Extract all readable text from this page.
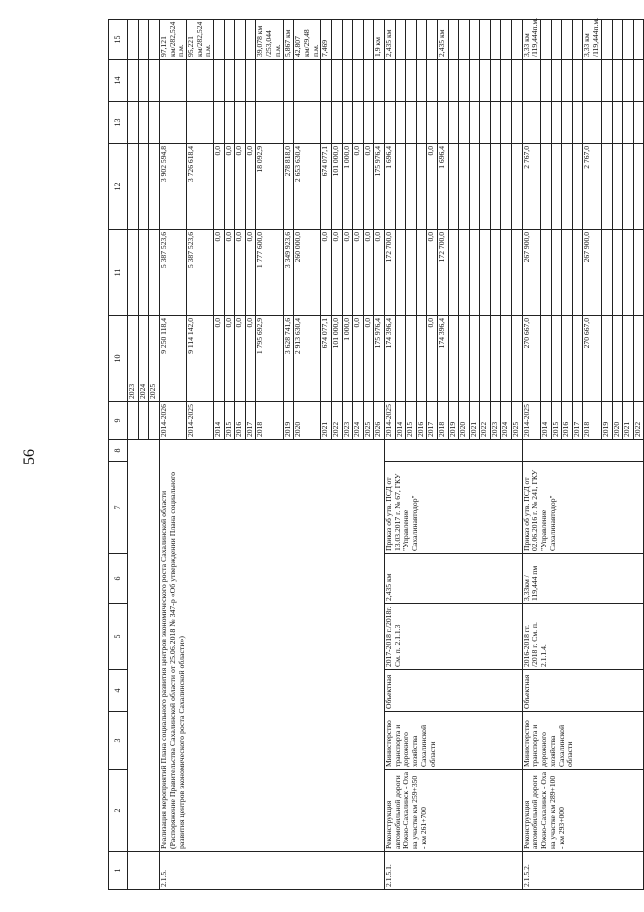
56
1	2	3	4	5	6	7	8	9	10	11	12	13	14	15	
									2023						
									2024						
									2025						
2.1.5.	Реализация мероприятий Плана социального развития центров экономического роста Сахалинской области (Распоряжение Правительства Сахалинской области от 25.06.2018 № 347-р «Об утверждении Плана социального развития центров экономического роста Сахалинской области»)							2014-2026	9 250 118,4	5 387 523,6	3 902 594,8			97,121 км/282,524 п.м.	
								2014-2025	9 114 142,0	5 387 523,6	3 726 618,4			95,221 км/282,524 п.м.	
								2014	0,0	0,0	0,0				
								2015	0,0	0,0	0,0				
								2016	0,0	0,0	0,0				
								2017	0,0	0,0	0,0				
								2018	1 795 692,9	1 777 600,0	18 092,9			39,078 км /253,044 п.м.	
								2019	3 628 741,6	3 349 923,6	278 818,0			5,867 км	
								2020	2 913 630,4	260 000,0	2 653 630,4			42,807 км/29,48 п.м.	
								2021	674 077,1	0,0	674 077,1			7,469	
								2022	101 000,0	0,0	101 000,0				
								2023	1 000,0	0,0	1 000,0				
								2024	0,0	0,0	0,0				
								2025	0,0	0,0	0,0				
								2026	175 976,4	0,0	175 976,4			1,9 км	
2.1.5.1.	Реконструкция автомобильной дороги Южно-Сахалинск - Оха на участке км 259+350 - км 261+700	Министерство транспорта и дорожного хозяйства Сахалинской области	Объектная	2017-2018 г./2018г. См. п. 2.1.1.3	2,435 км	Приказ об утв. ПСД от 13.03.2017 г. № 67, ГКУ "Управление Сахалинавтодор"		2014-2025	174 396,4	172 700,0	1 696,4			2,435 км	
								2014							
								2015							
								2016							
								2017	0,0	0,0	0,0				
								2018	174 396,4	172 700,0	1 696,4			2,435 км	
								2019							
								2020							
								2021							
								2022							
								2023							
								2024							
								2025							
2.1.5.2.	Реконструкция автомобильной дороги Южно-Сахалинск - Оха на участке км 289+100 - км 293+000	Министерство транспорта и дорожного хозяйства Сахалинской области	Объектная	2016-2018 гг. /2018 г. См. п. 2.1.1.4.	3,33км / 119,444 пм	Приказ об утв. ПСД от 02.06.2016 г. № 241, ГКУ "Управление Сахалинавтодор"		2014-2025	270 667,0	267 900,0	2 767,0			3,33 км /119,444п.м.	
								2014							
								2015							
								2016							
								2017							
								2018	270 667,0	267 900,0	2 767,0			3,33 км /119,444п.м.	
								2019							
								2020							
								2021							
								2022							
